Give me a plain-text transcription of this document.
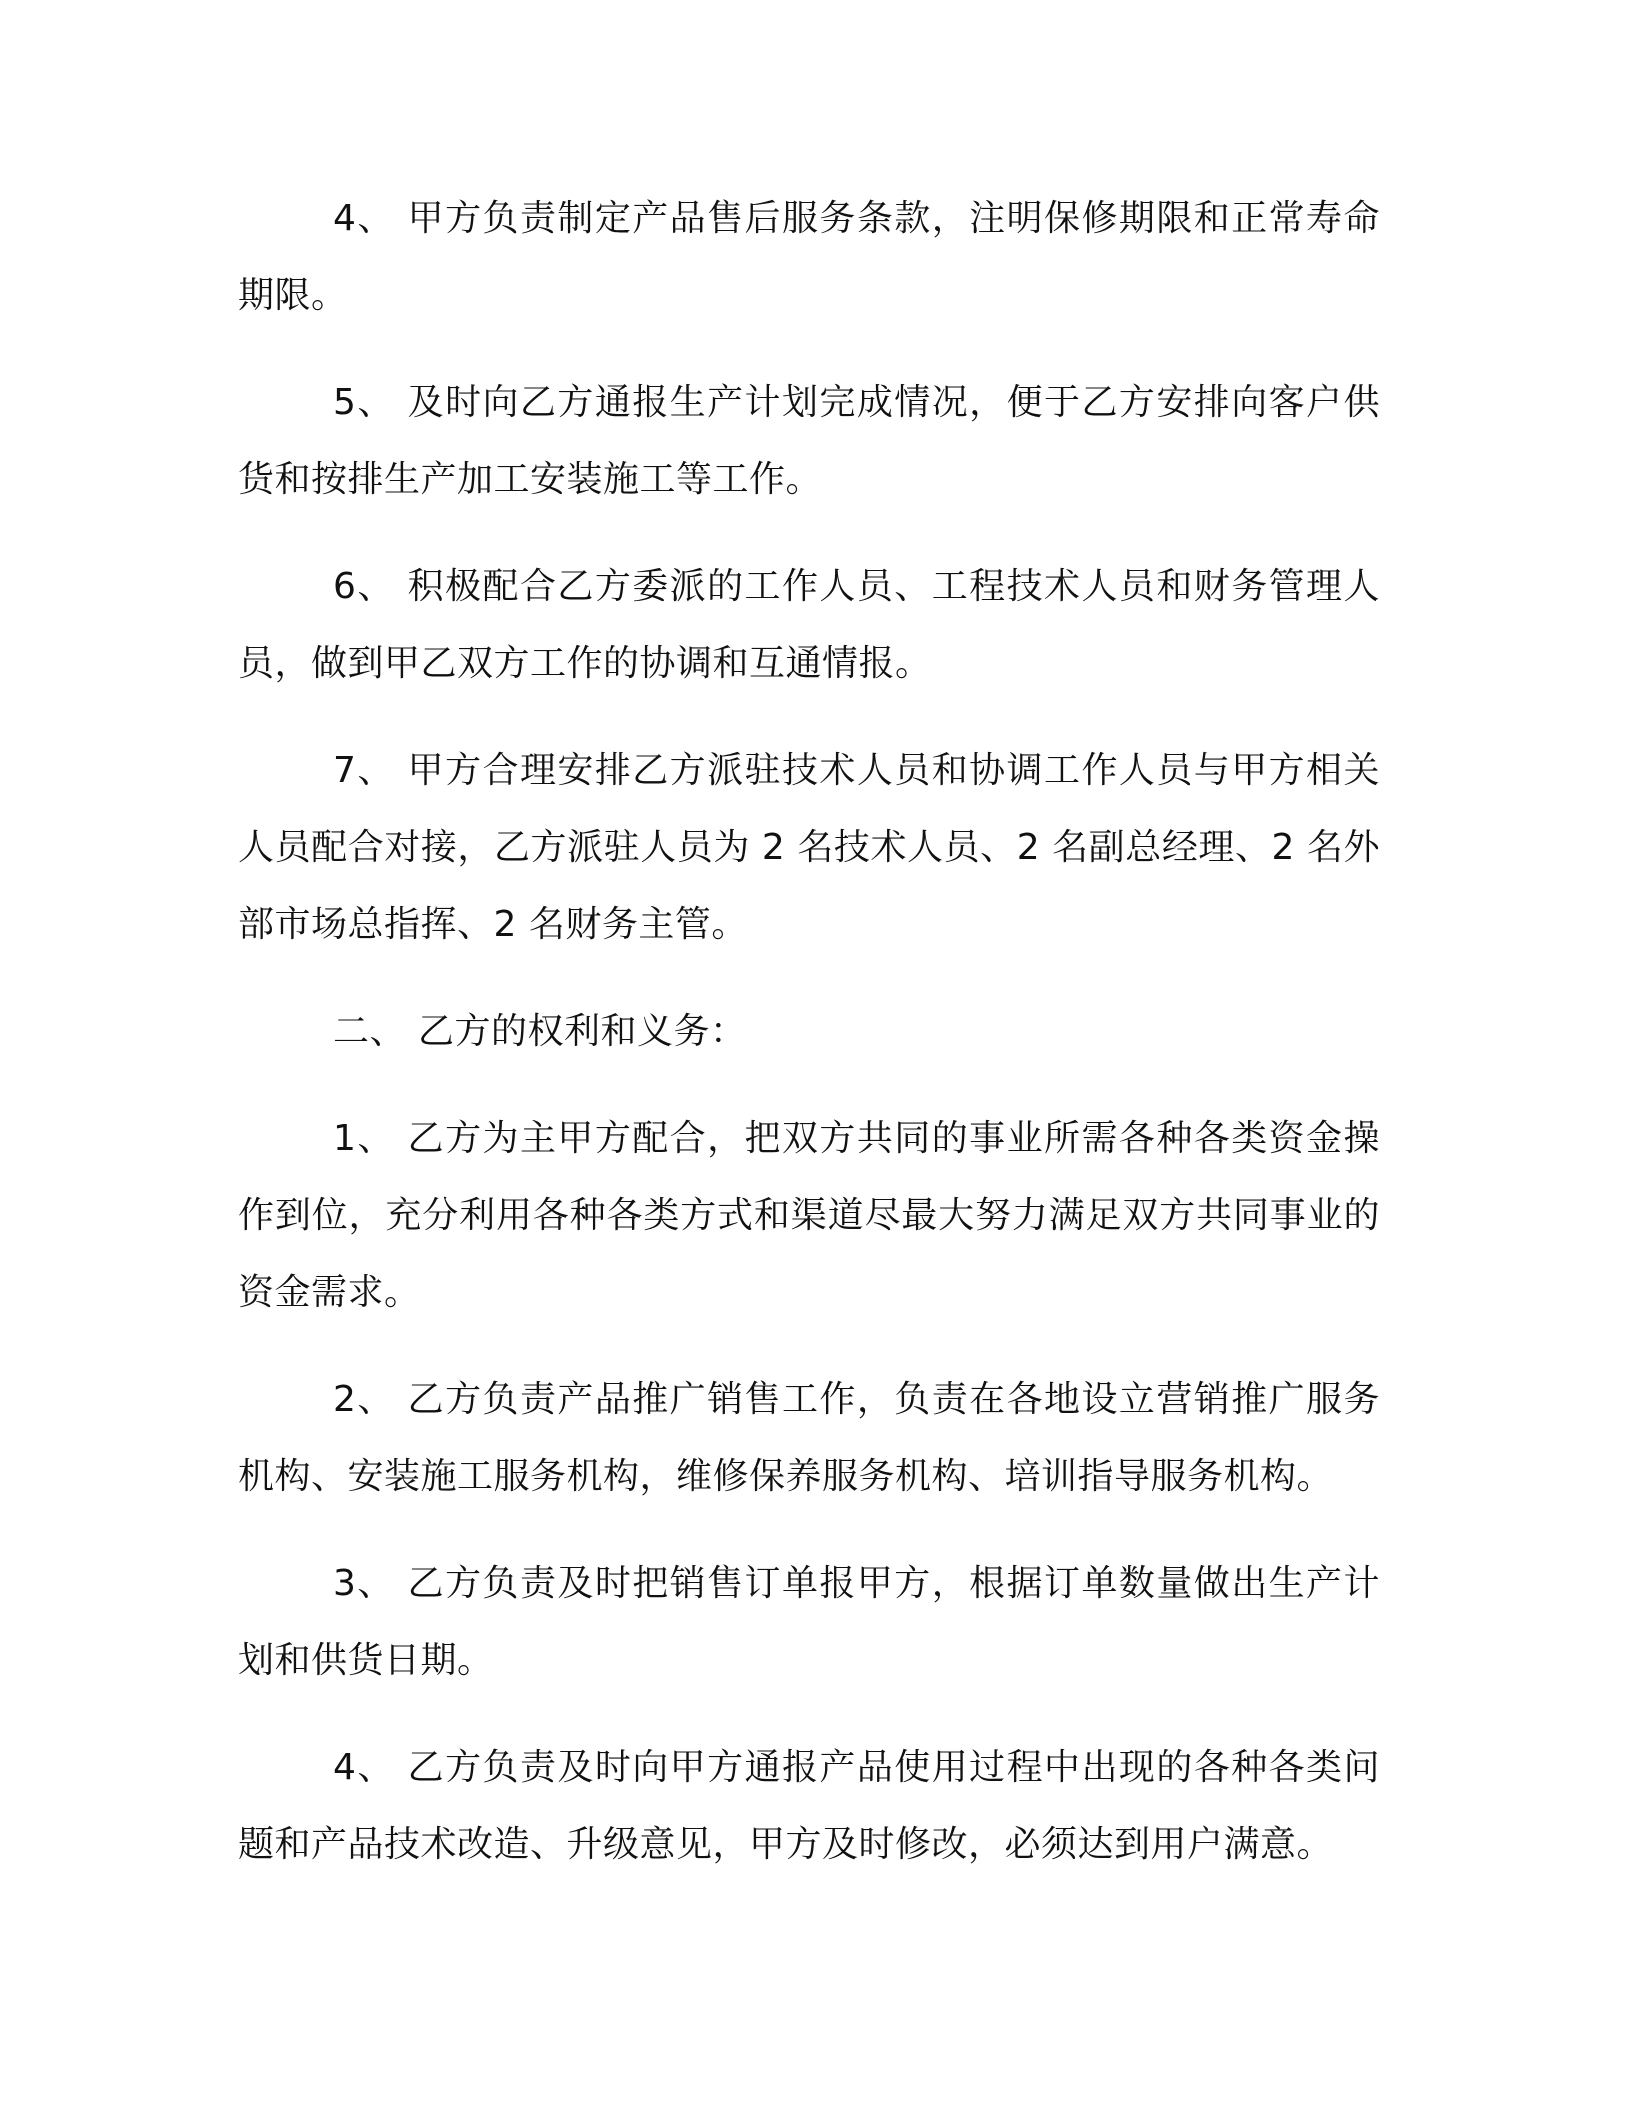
4、 甲方负责制定产品售后服务条款，注明保修期限和正常寿命期限。

5、 及时向乙方通报生产计划完成情况，便于乙方安排向客户供货和按排生产加工安装施工等工作。

6、 积极配合乙方委派的工作人员、工程技术人员和财务管理人员，做到甲乙双方工作的协调和互通情报。

7、 甲方合理安排乙方派驻技术人员和协调工作人员与甲方相关人员配合对接，乙方派驻人员为 2 名技术人员、2 名副总经理、2 名外部市场总指挥、2 名财务主管。

二、 乙方的权利和义务：

1、 乙方为主甲方配合，把双方共同的事业所需各种各类资金操作到位，充分利用各种各类方式和渠道尽最大努力满足双方共同事业的资金需求。

2、 乙方负责产品推广销售工作，负责在各地设立营销推广服务机构、安装施工服务机构，维修保养服务机构、培训指导服务机构。

3、 乙方负责及时把销售订单报甲方，根据订单数量做出生产计划和供货日期。

4、 乙方负责及时向甲方通报产品使用过程中出现的各种各类问题和产品技术改造、升级意见，甲方及时修改，必须达到用户满意。
